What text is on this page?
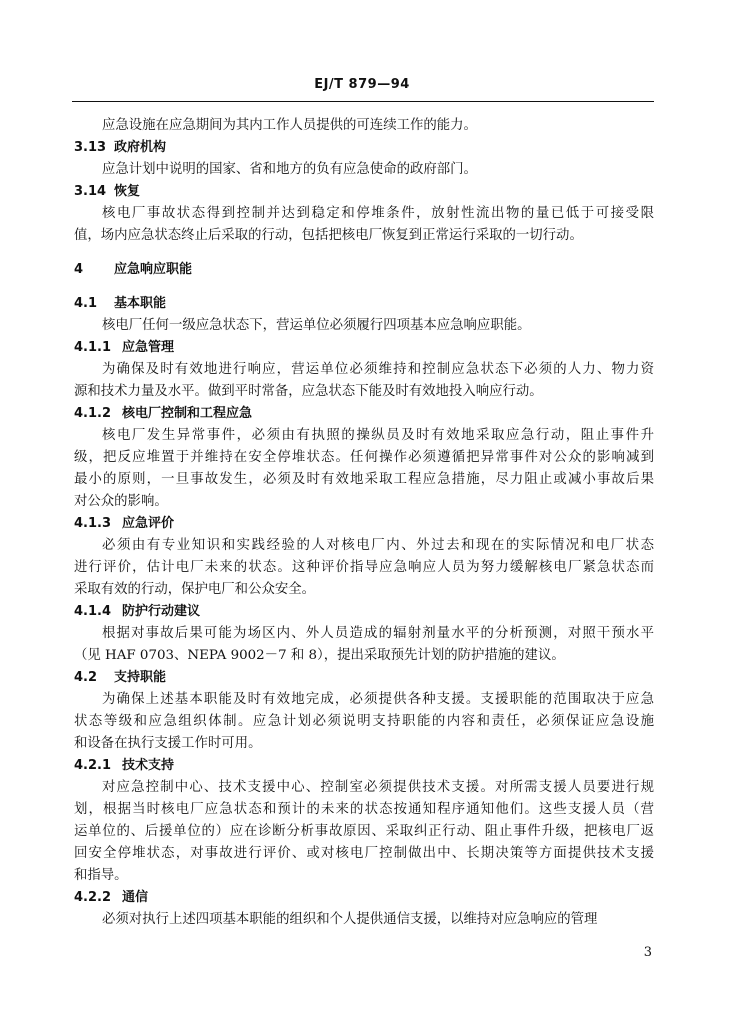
EJ/T 879—94
应急设施在应急期间为其内工作人员提供的可连续工作的能力。
3.13 政府机构
应急计划中说明的国家、省和地方的负有应急使命的政府部门。
3.14 恢复
核电厂事故状态得到控制并达到稳定和停堆条件，放射性流出物的量已低于可接受限
值，场内应急状态终止后采取的行动，包括把核电厂恢复到正常运行采取的一切行动。
4 应急响应职能
4.1 基本职能
核电厂任何一级应急状态下，营运单位必须履行四项基本应急响应职能。
4.1.1 应急管理
为确保及时有效地进行响应，营运单位必须维持和控制应急状态下必须的人力、物力资
源和技术力量及水平。做到平时常备，应急状态下能及时有效地投入响应行动。
4.1.2 核电厂控制和工程应急
核电厂发生异常事件，必须由有执照的操纵员及时有效地采取应急行动，阻止事件升
级，把反应堆置于并维持在安全停堆状态。任何操作必须遵循把异常事件对公众的影响减到
最小的原则，一旦事故发生，必须及时有效地采取工程应急措施，尽力阻止或减小事故后果
对公众的影响。
4.1.3 应急评价
必须由有专业知识和实践经验的人对核电厂内、外过去和现在的实际情况和电厂状态
进行评价，估计电厂未来的状态。这种评价指导应急响应人员为努力缓解核电厂紧急状态而
采取有效的行动，保护电厂和公众安全。
4.1.4 防护行动建议
根据对事故后果可能为场区内、外人员造成的辐射剂量水平的分析预测，对照干预水平
（见 HAF 0703、NEPA 9002－7 和 8），提出采取预先计划的防护措施的建议。
4.2 支持职能
为确保上述基本职能及时有效地完成，必须提供各种支援。支援职能的范围取决于应急
状态等级和应急组织体制。应急计划必须说明支持职能的内容和责任，必须保证应急设施
和设备在执行支援工作时可用。
4.2.1 技术支持
对应急控制中心、技术支援中心、控制室必须提供技术支援。对所需支援人员要进行规
划，根据当时核电厂应急状态和预计的未来的状态按通知程序通知他们。这些支援人员（营
运单位的、后援单位的）应在诊断分析事故原因、采取纠正行动、阻止事件升级，把核电厂返
回安全停堆状态，对事故进行评价、或对核电厂控制做出中、长期决策等方面提供技术支援
和指导。
4.2.2 通信
必须对执行上述四项基本职能的组织和个人提供通信支援，以维持对应急响应的管理
3
